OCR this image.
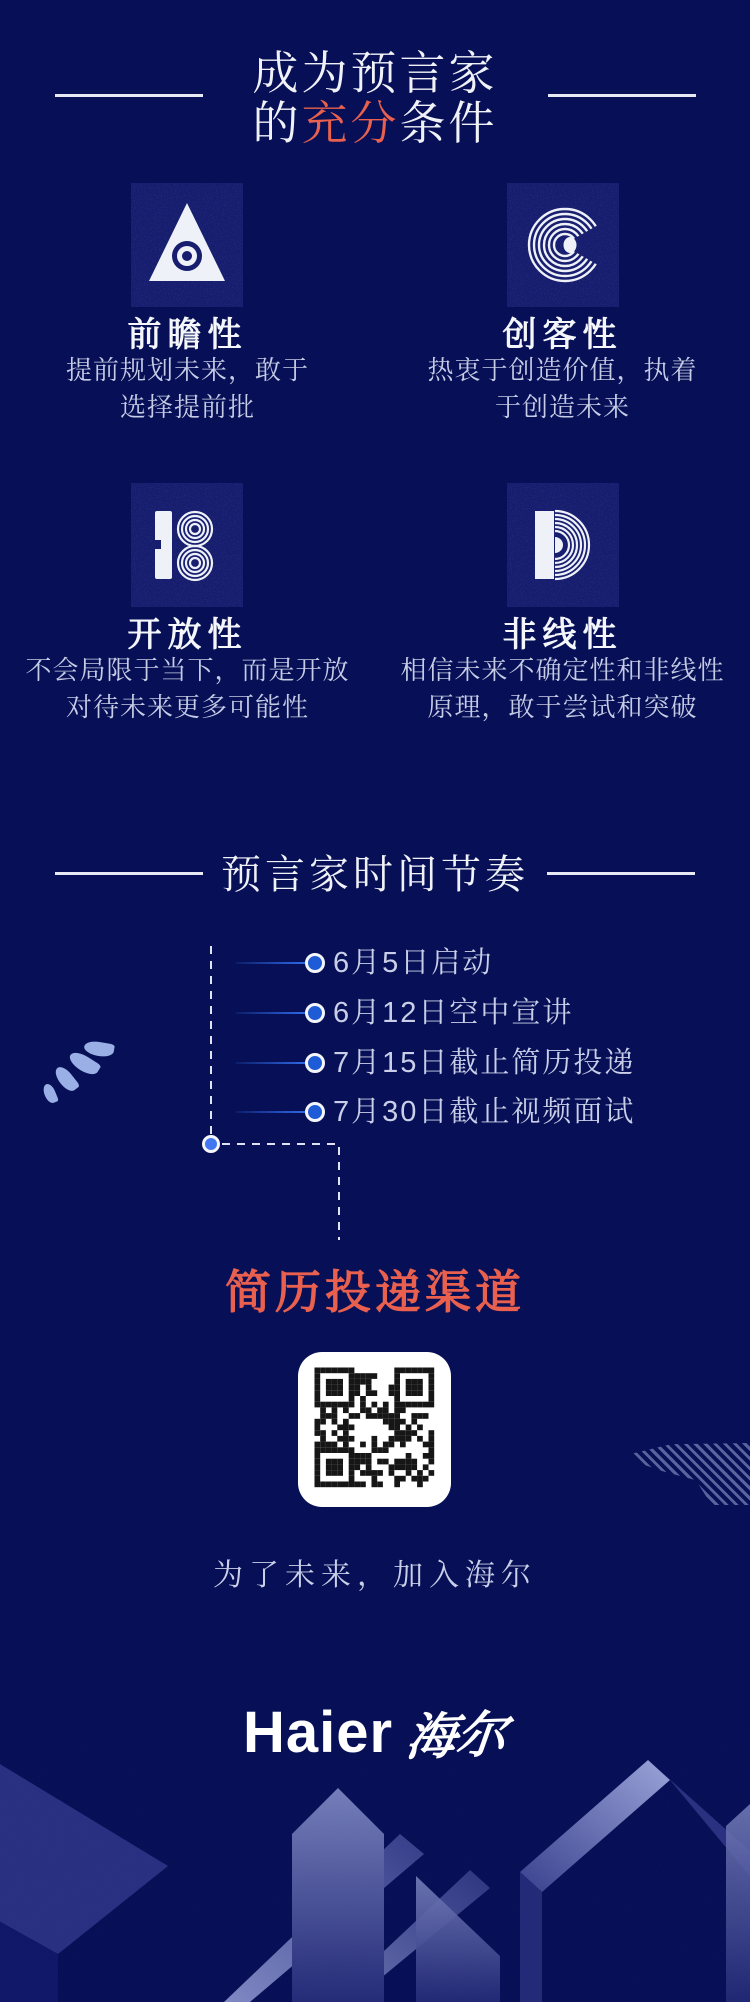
成为预言家
的充分条件
前瞻性
提前规划未来，敢于
选择提前批
创客性
热衷于创造价值，执着
于创造未来
开放性
不会局限于当下，而是开放
对待未来更多可能性
非线性
相信未来不确定性和非线性
原理，敢于尝试和突破
预言家时间节奏
6月5日启动
6月12日空中宣讲
7月15日截止简历投递
7月30日截止视频面试
简历投递渠道
为了未来，加入海尔
Haier 海尔
